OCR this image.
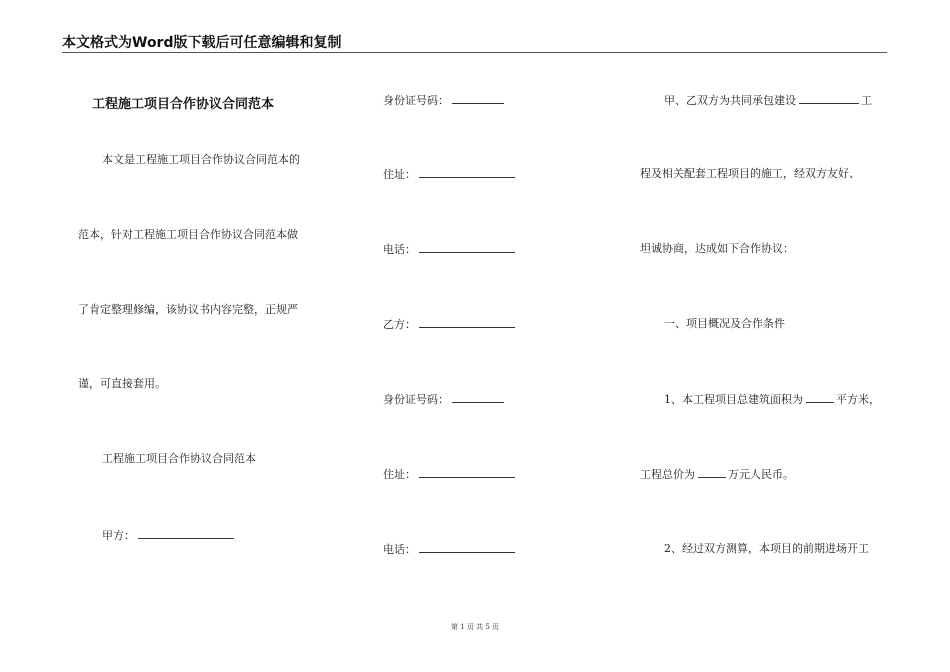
本文格式为Word版下载后可任意编辑和复制
工程施工项目合作协议合同范本
本文是工程施工项目合作协议合同范本的
范本，针对工程施工项目合作协议合同范本做
了肯定整理修编，该协议书内容完整，正规严
谨，可直接套用。
工程施工项目合作协议合同范本
甲方：
身份证号码：
住址：
电话：
乙方：
身份证号码：
住址：
电话：
甲、乙双方为共同承包建设	工
程及相关配套工程项目的施工，经双方友好、
坦诚协商，达成如下合作协议：
一、项目概况及合作条件
1、本工程项目总建筑面积为	平方米，
工程总价为	万元人民币。
2、经过双方测算，本项目的前期进场开工
第 1 页 共 5 页
